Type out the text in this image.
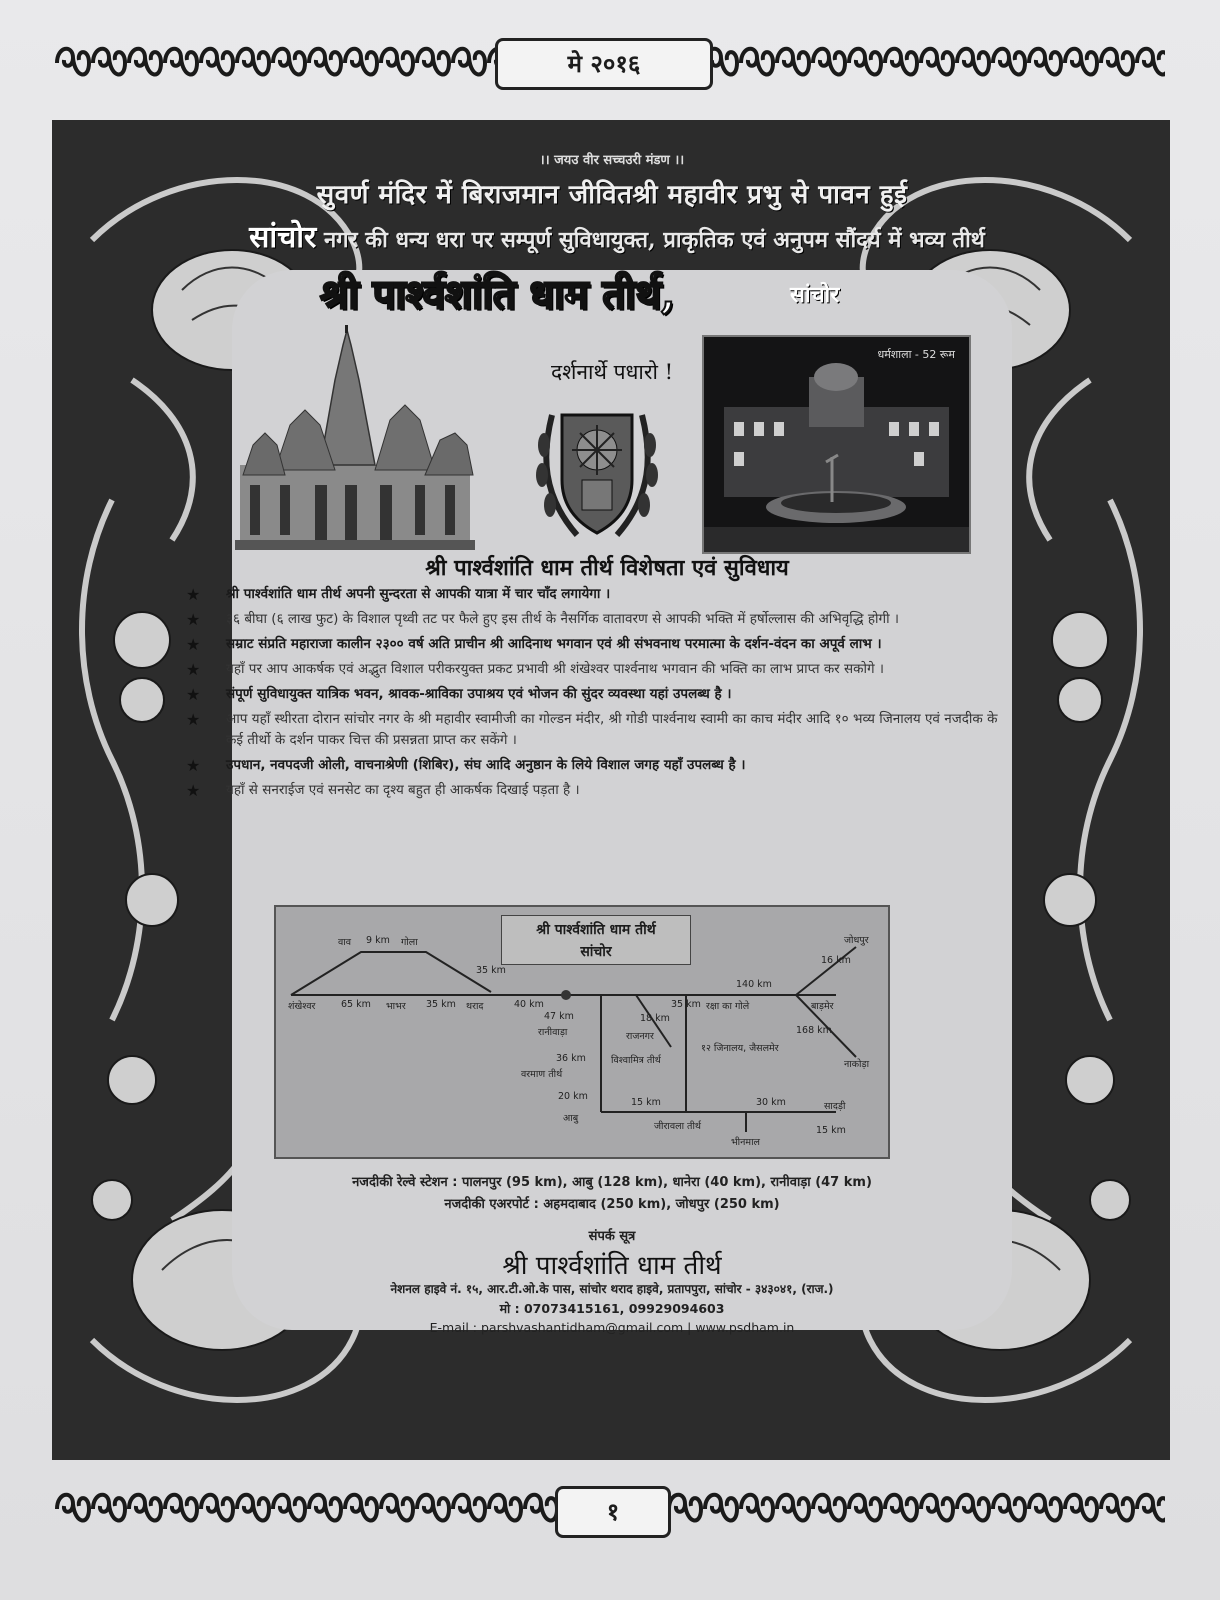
मे २०१६
।। जयउ वीर सच्चउरी मंडण ।।
सुवर्ण मंदिर में बिराजमान जीवितश्री महावीर प्रभु से पावन हुई
सांचोर नगर की धन्य धरा पर सम्पूर्ण सुविधायुक्त, प्राकृतिक एवं अनुपम सौंदर्य में भव्य तीर्थ
श्री पार्श्वशांति धाम तीर्थ,	सांचोर
दर्शनार्थे पधारो !
धर्मशाला - 52 रूम
श्री पार्श्वशांति धाम तीर्थ विशेषता एवं सुविधाय
★ श्री पार्श्वशांति धाम तीर्थ अपनी सुन्दरता से आपकी यात्रा में चार चाँद लगायेगा ।
★ ३६ बीघा (६ लाख फुट) के विशाल पृथ्वी तट पर फैले हुए इस तीर्थ के नैसर्गिक वातावरण से आपकी भक्ति में हर्षोल्लास की अभिवृद्धि होगी ।
★ सम्राट संप्रति महाराजा कालीन २३०० वर्ष अति प्राचीन श्री आदिनाथ भगवान एवं श्री संभवनाथ परमात्मा के दर्शन-वंदन का अपूर्व लाभ ।
★ यहाँ पर आप आकर्षक एवं अद्भुत विशाल परीकरयुक्त प्रकट प्रभावी श्री शंखेश्वर पार्श्वनाथ भगवान की भक्ति का लाभ प्राप्त कर सकोगे ।
★ संपूर्ण सुविधायुक्त यात्रिक भवन, श्रावक-श्राविका उपाश्रय एवं भोजन की सुंदर व्यवस्था यहां उपलब्ध है ।
★ आप यहाँ स्थीरता दोरान सांचोर नगर के श्री महावीर स्वामीजी का गोल्डन मंदीर, श्री गोडी पार्श्वनाथ स्वामी का काच मंदीर आदि १० भव्य जिनालय एवं नजदीक के कई तीर्थो के दर्शन पाकर चित्त की प्रसन्नता प्राप्त कर सकेंगे ।
★ उपधान, नवपदजी ओली, वाचनाश्रेणी (शिबिर), संघ आदि अनुष्ठान के लिये विशाल जगह यहाँ उपलब्ध है ।
★ यहाँ से सनराईज एवं सनसेट का दृश्य बहुत ही आकर्षक दिखाई पड़ता है ।
श्री पार्श्वशांति धाम तीर्थ
सांचोर
शंखेश्वर	65 km भाभर 35 km थराद	40 km
वाव 9 km गोला
35 km
47 km
रानीवाड़ा
36 km
वरमाण तीर्थ
20 km
आबु
विश्वामित्र तीर्थ
15 km
जीरावला तीर्थ
30 km	सादड़ी
15 km
भीनमाल
35 km रक्षा का गोले
140 km
बाड़मेर
168 km
नाकोड़ा
१२ जिनालय, जैसलमेर
16 km
जोधपुर
18 km
राजनगर
नजदीकी रेल्वे स्टेशन : पालनपुर (95 km), आबु (128 km), धानेरा (40 km), रानीवाड़ा (47 km)
नजदीकी एअरपोर्ट : अहमदाबाद (250 km), जोधपुर (250 km)
संपर्क सूत्र
श्री पार्श्वशांति धाम तीर्थ
नेशनल हाइवे नं. १५, आर.टी.ओ.के पास, सांचोर थराद हाइवे, प्रतापपुरा, सांचोर - ३४३०४१, (राज.)
मो : 07073415161, 09929094603
E-mail : parshvashantidham@gmail.com | www.psdham.in
१
